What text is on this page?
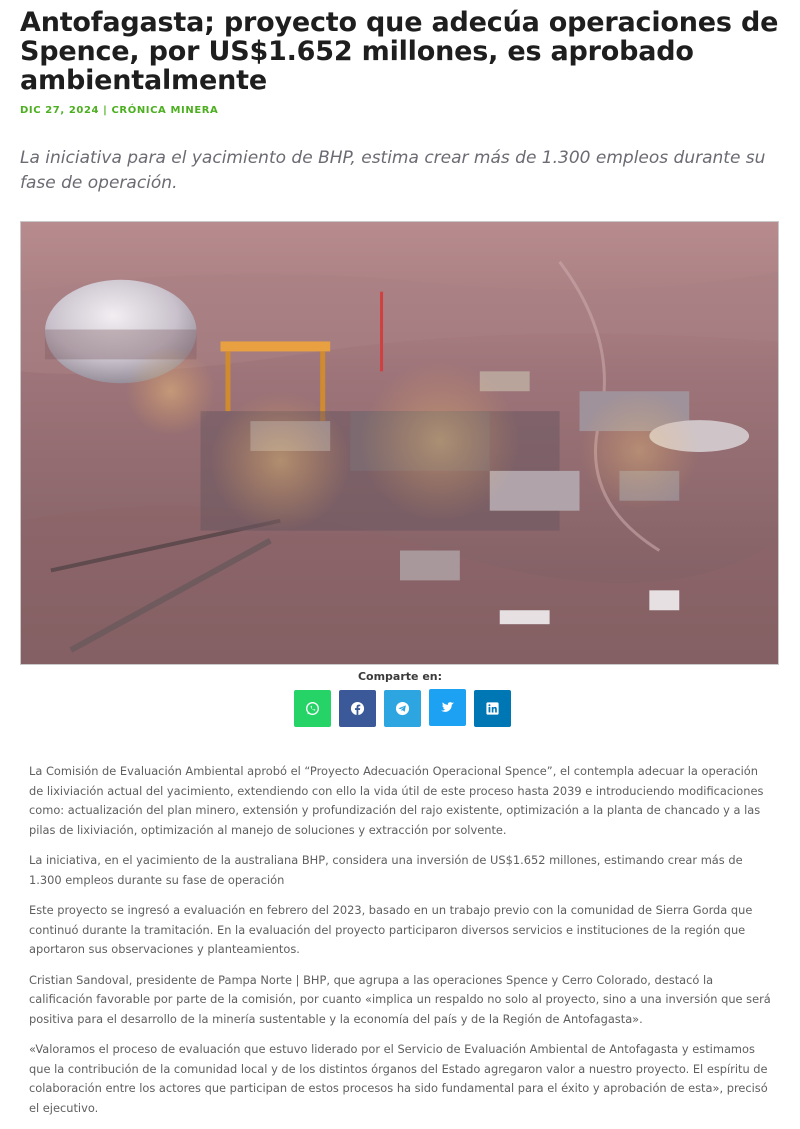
Antofagasta; proyecto que adecúa operaciones de Spence, por US$1.652 millones, es aprobado ambientalmente
DIC 27, 2024 | CRÓNICA MINERA

La iniciativa para el yacimiento de BHP, estima crear más de 1.300 empleos durante su fase de operación.

Comparte en:

La Comisión de Evaluación Ambiental aprobó el “Proyecto Adecuación Operacional Spence”, el contempla adecuar la operación de lixiviación actual del yacimiento, extendiendo con ello la vida útil de este proceso hasta 2039 e introduciendo modificaciones como: actualización del plan minero, extensión y profundización del rajo existente, optimización a la planta de chancado y a las pilas de lixiviación, optimización al manejo de soluciones y extracción por solvente.

La iniciativa, en el yacimiento de la australiana BHP, considera una inversión de US$1.652 millones, estimando crear más de 1.300 empleos durante su fase de operación

Este proyecto se ingresó a evaluación en febrero del 2023, basado en un trabajo previo con la comunidad de Sierra Gorda que continuó durante la tramitación. En la evaluación del proyecto participaron diversos servicios e instituciones de la región que aportaron sus observaciones y planteamientos.

Cristian Sandoval, presidente de Pampa Norte | BHP, que agrupa a las operaciones Spence y Cerro Colorado, destacó la calificación favorable por parte de la comisión, por cuanto «implica un respaldo no solo al proyecto, sino a una inversión que será positiva para el desarrollo de la minería sustentable y la economía del país y de la Región de Antofagasta».

«Valoramos el proceso de evaluación que estuvo liderado por el Servicio de Evaluación Ambiental de Antofagasta y estimamos que la contribución de la comunidad local y de los distintos órganos del Estado agregaron valor a nuestro proyecto. El espíritu de colaboración entre los actores que participan de estos procesos ha sido fundamental para el éxito y aprobación de esta», precisó el ejecutivo.
